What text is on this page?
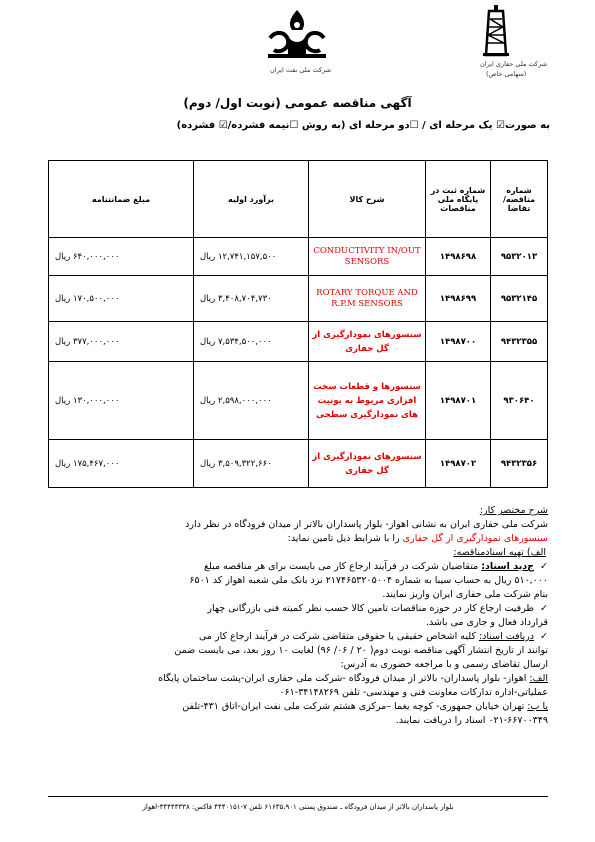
شرکت ملی حفاری ایران
(سهامی خاص)
شرکت ملی نفت ایران
آگهی مناقصه عمومی (نوبت اول/ دوم)
به صورت☑ یک مرحله ای / ☐دو مرحله ای (به روش ☐نیمه فشرده/☑ فشرده)
شماره مناقصه/ تقاضا	شماره ثبت در پایگاه ملی مناقصات	شرح کالا	برآورد اولیه	مبلغ ضمانتنامه
۹۵۳۲۰۱۳	۱۴۹۸۶۹۸	CONDUCTIVITY IN/OUT SENSORS	۱۲,۷۴۱,۱۵۷,۵۰۰ ریال	۶۴۰,۰۰۰,۰۰۰ ریال
۹۵۳۲۱۴۵	۱۴۹۸۶۹۹	ROTARY TORQUE AND R.P.M SENSORS	۳,۴۰۸,۷۰۴,۷۳۰ ریال	۱۷۰,۵۰۰,۰۰۰ ریال
۹۴۳۲۳۵۵	۱۴۹۸۷۰۰	سنسورهای نمودارگیری از گل حفاری	۷,۵۳۴,۵۰۰,۰۰۰ ریال	۳۷۷,۰۰۰,۰۰۰ ریال
۹۳۰۶۴۰	۱۴۹۸۷۰۱	سنسورها و قطعات سخت افزاری مربوط به یونیت های نمودارگیری سطحی	۲,۵۹۸,۰۰۰,۰۰۰ ریال	۱۳۰,۰۰۰,۰۰۰ ریال
۹۴۳۲۳۵۶	۱۴۹۸۷۰۲	سنسورهای نمودارگیری از گل حفاری	۳,۵۰۹,۳۲۲,۶۶۰ ریال	۱۷۵,۴۶۷,۰۰۰ ریال
شرح مختصر کار:
شرکت ملی حفاری ایران به نشانی اهواز- بلوار پاسداران بالاتر از میدان فرودگاه در نظر دارد
سنسورهای نمودارگیری از گل حفاری را با شرایط ذیل تامین نماید:
الف) تهیه اسنادمناقصه:
✓
ج‌دید اسناد: متقاضیان شرکت در فرآیند ارجاع کار می بایست برای هر مناقصه مبلغ
۵۱۰,۰۰۰ ریال به حساب سیبا به شماره ۲۱۷۴۶۵۳۲۰۵۰۰۴ نزد بانک ملی شعبه اهواز کد ۶۵۰۱
بنام شرکت ملی حفاری ایران واریز نمایند.
✓
ظرفیت ارجاع کار در حوزه مناقصات تامین کالا حسب نظر کمیته فنی بازرگانی چهار
قرارداد فعال و جاری می باشد.
✓
دریافت اسناد: کلیه اشخاص حقیقی یا حقوقی متقاضی شرکت در فرآیند ارجاع کار می
توانند از تاریخ انتشار آگهی مناقصه نوبت دوم( ۲۰ / ۰۶/ ۹۶) لغایت ۱۰ روز بعد، می بایست ضمن
ارسال تقاضای رسمی و با مراجعه حضوری به آدرس:
الف: اهواز- بلوار پاسداران- بالاتر از میدان فرودگاه -شرکت ملی حفاری ایران-پشت ساختمان پایگاه
عملیاتی-اداره تدارکات معاونت فنی و مهندسی- تلفن ۳۴۱۴۸۲۶۹-۰۶۱
یا ب: تهران خیابان جمهوری- کوچه یغما –مرکزی هشتم شرکت ملی نفت ایران-اتاق ۴۳۱-تلفن
۰۲۱-۶۶۷۰۰۳۴۹ اسناد را دریافت نمایند.
بلوار پاسداران بالاتر از میدان فرودگاه ـ صندوق پستی ۶۱۶۳۵،۹۰۱ تلفن ۷-۴۴۴۰۱۵۱ فاکس: ۳۴۴۴۳۳۳۸-اهواز
